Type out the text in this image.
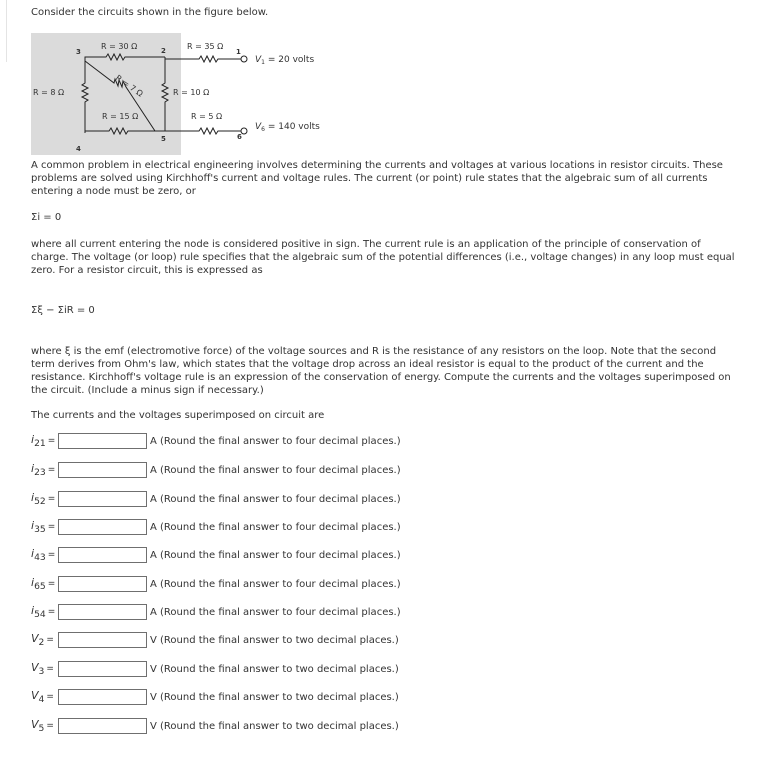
Consider the circuits shown in the figure below.
3	2	1
4
5	6
R = 30 Ω	R = 35 Ω
R = 8 Ω	R = 10 Ω
R = 7 Ω
R = 15 Ω	R = 5 Ω
$V_1 = 20$ volts
$V_6 = 140$ volts

A common problem in electrical engineering involves determining the currents and voltages at various locations in resistor circuits. These problems are solved using Kirchhoff's current and voltage rules. The current (or point) rule states that the algebraic sum of all currents entering a node must be zero, or

Σi = 0

where all current entering the node is considered positive in sign. The current rule is an application of the principle of conservation of charge. The voltage (or loop) rule specifies that the algebraic sum of the potential differences (i.e., voltage changes) in any loop must equal zero. For a resistor circuit, this is expressed as

Σξ − ΣiR = 0

where ξ is the emf (electromotive force) of the voltage sources and R is the resistance of any resistors on the loop. Note that the second term derives from Ohm's law, which states that the voltage drop across an ideal resistor is equal to the product of the current and the resistance. Kirchhoff's voltage rule is an expression of the conservation of energy. Compute the currents and the voltages superimposed on the circuit. (Include a minus sign if necessary.)

The currents and the voltages superimposed on circuit are
$i_{21}$ =	A (Round the final answer to four decimal places.)
$i_{23}$ =	A (Round the final answer to four decimal places.)
$i_{52}$ =	A (Round the final answer to four decimal places.)
$i_{35}$ =	A (Round the final answer to four decimal places.)
$i_{43}$ =	A (Round the final answer to four decimal places.)
$i_{65}$ =	A (Round the final answer to four decimal places.)
$i_{54}$ =	A (Round the final answer to four decimal places.)
$V_2$ =	V (Round the final answer to two decimal places.)
$V_3$ =	V (Round the final answer to two decimal places.)
$V_4$ =	V (Round the final answer to two decimal places.)
$V_5$ =	V (Round the final answer to two decimal places.)
